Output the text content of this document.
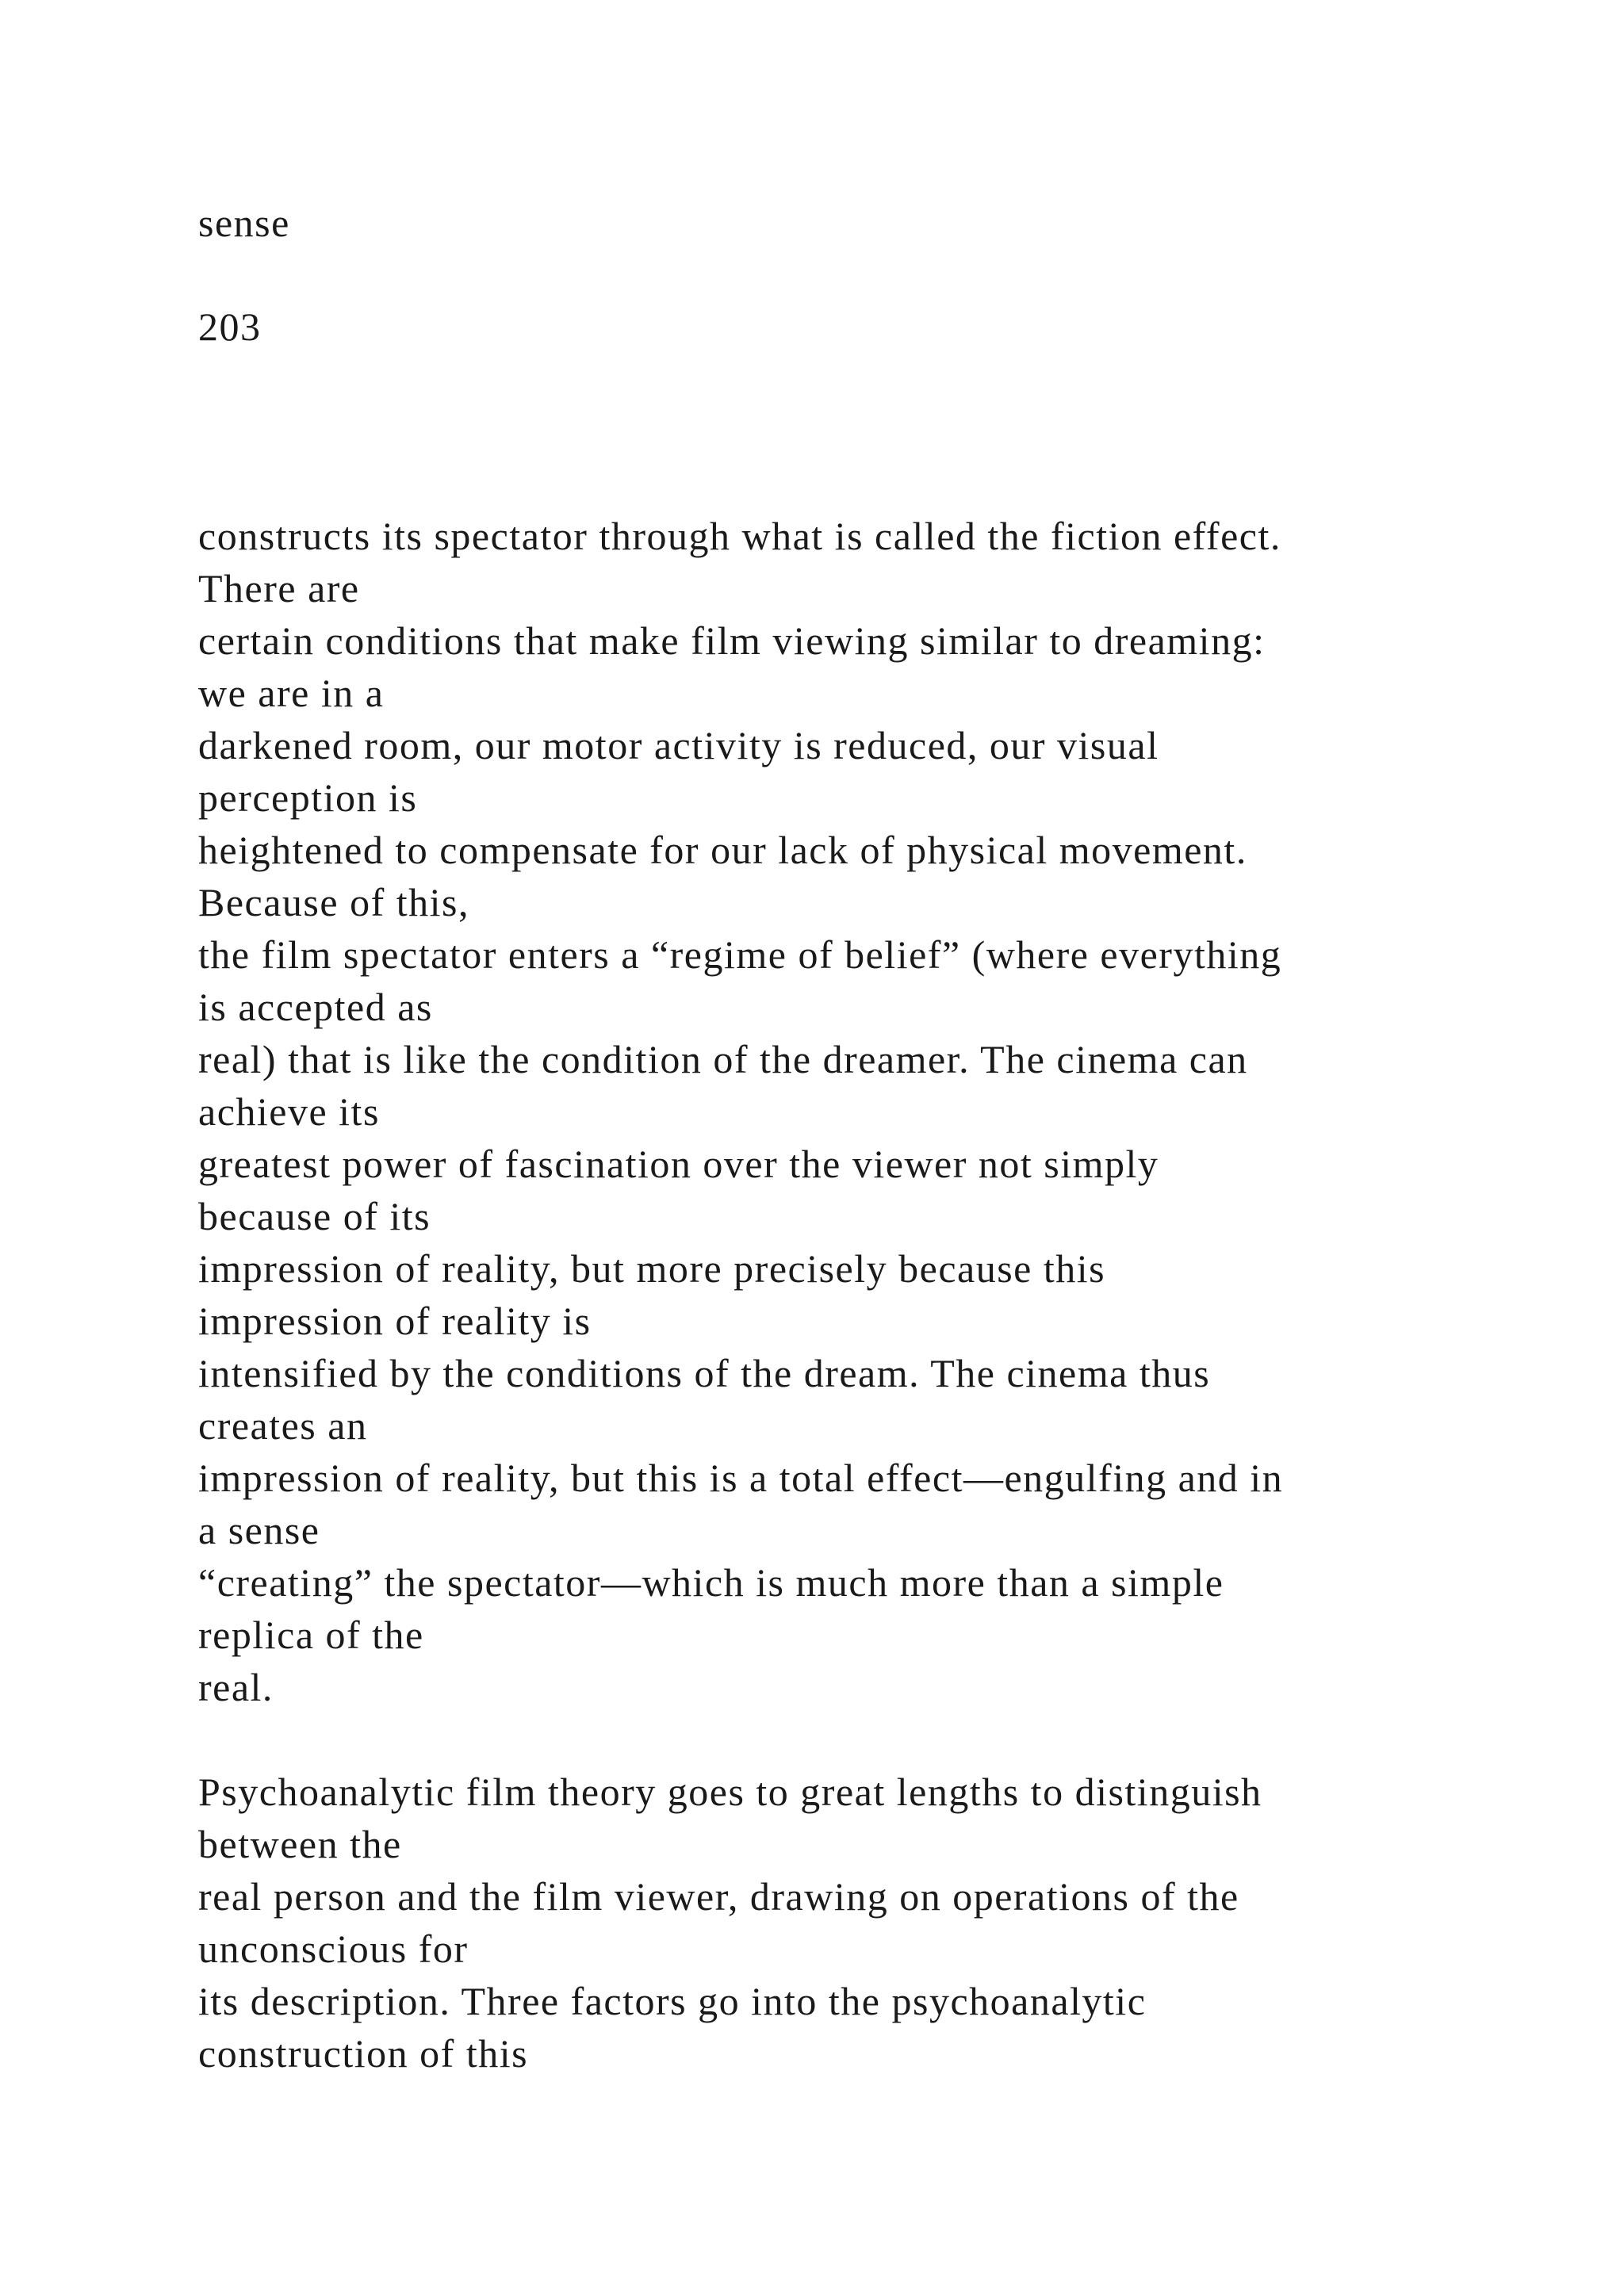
sense
203
constructs its spectator through what is called the fiction effect.
There are
certain conditions that make film viewing similar to dreaming:
we are in a
darkened room, our motor activity is reduced, our visual
perception is
heightened to compensate for our lack of physical movement.
Because of this,
the film spectator enters a “regime of belief” (where everything
is accepted as
real) that is like the condition of the dreamer. The cinema can
achieve its
greatest power of fascination over the viewer not simply
because of its
impression of reality, but more precisely because this
impression of reality is
intensified by the conditions of the dream. The cinema thus
creates an
impression of reality, but this is a total effect—engulfing and in
a sense
“creating” the spectator—which is much more than a simple
replica of the
real.
Psychoanalytic film theory goes to great lengths to distinguish
between the
real person and the film viewer, drawing on operations of the
unconscious for
its description. Three factors go into the psychoanalytic
construction of this
